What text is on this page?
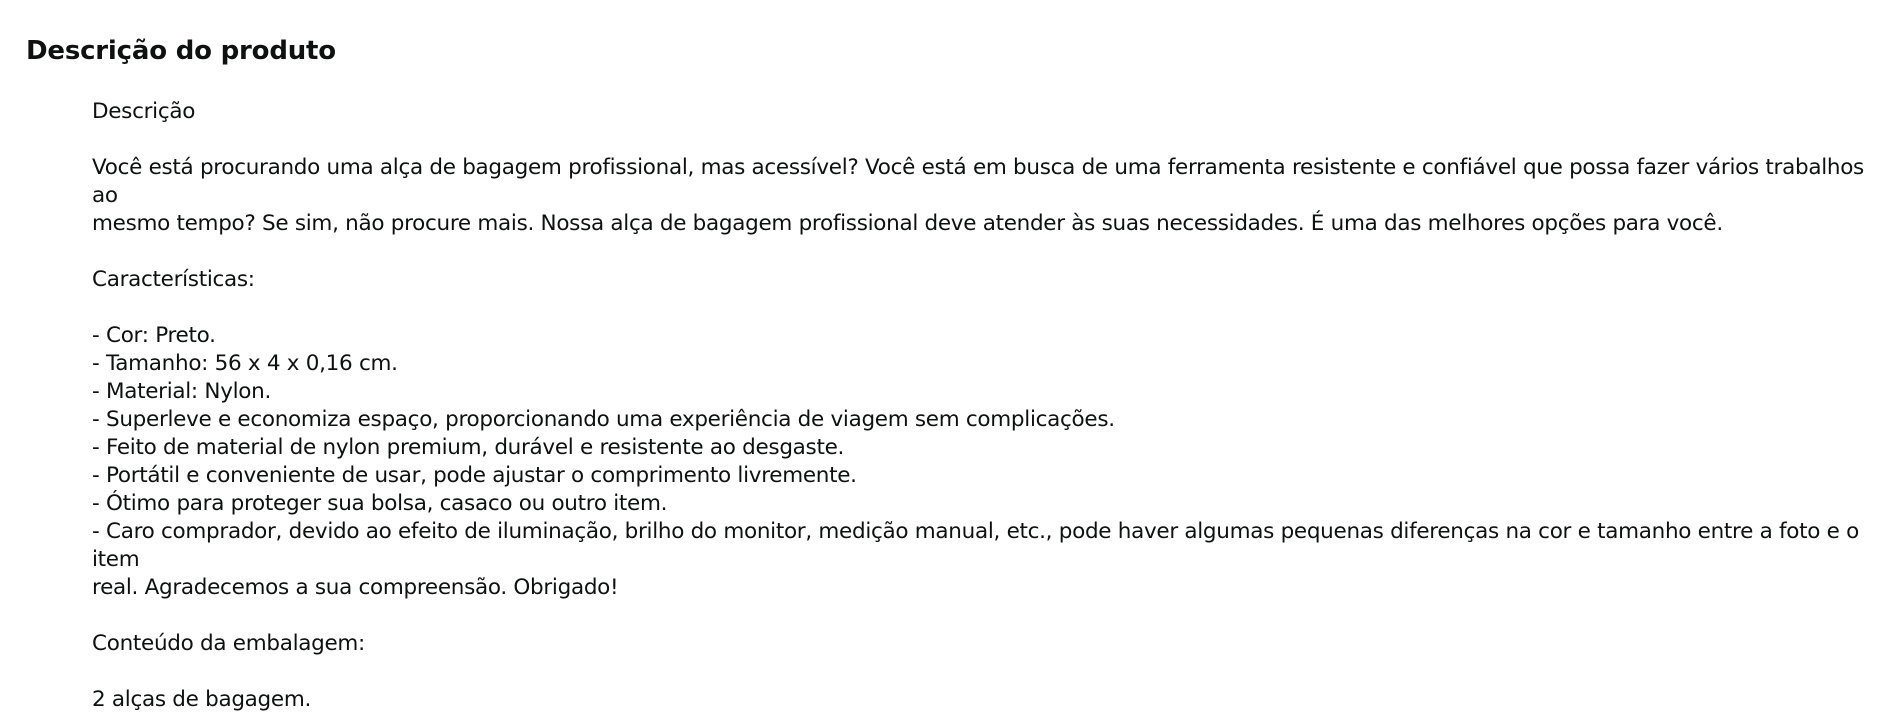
Descrição do produto

Descrição

Você está procurando uma alça de bagagem profissional, mas acessível? Você está em busca de uma ferramenta resistente e confiável que possa fazer vários trabalhos ao

mesmo tempo? Se sim, não procure mais. Nossa alça de bagagem profissional deve atender às suas necessidades. É uma das melhores opções para você.

Características:

- Cor: Preto.

- Tamanho: 56 x 4 x 0,16 cm.

- Material: Nylon.

- Superleve e economiza espaço, proporcionando uma experiência de viagem sem complicações.

- Feito de material de nylon premium, durável e resistente ao desgaste.

- Portátil e conveniente de usar, pode ajustar o comprimento livremente.

- Ótimo para proteger sua bolsa, casaco ou outro item.

- Caro comprador, devido ao efeito de iluminação, brilho do monitor, medição manual, etc., pode haver algumas pequenas diferenças na cor e tamanho entre a foto e o item

real. Agradecemos a sua compreensão. Obrigado!

Conteúdo da embalagem:

2 alças de bagagem.
